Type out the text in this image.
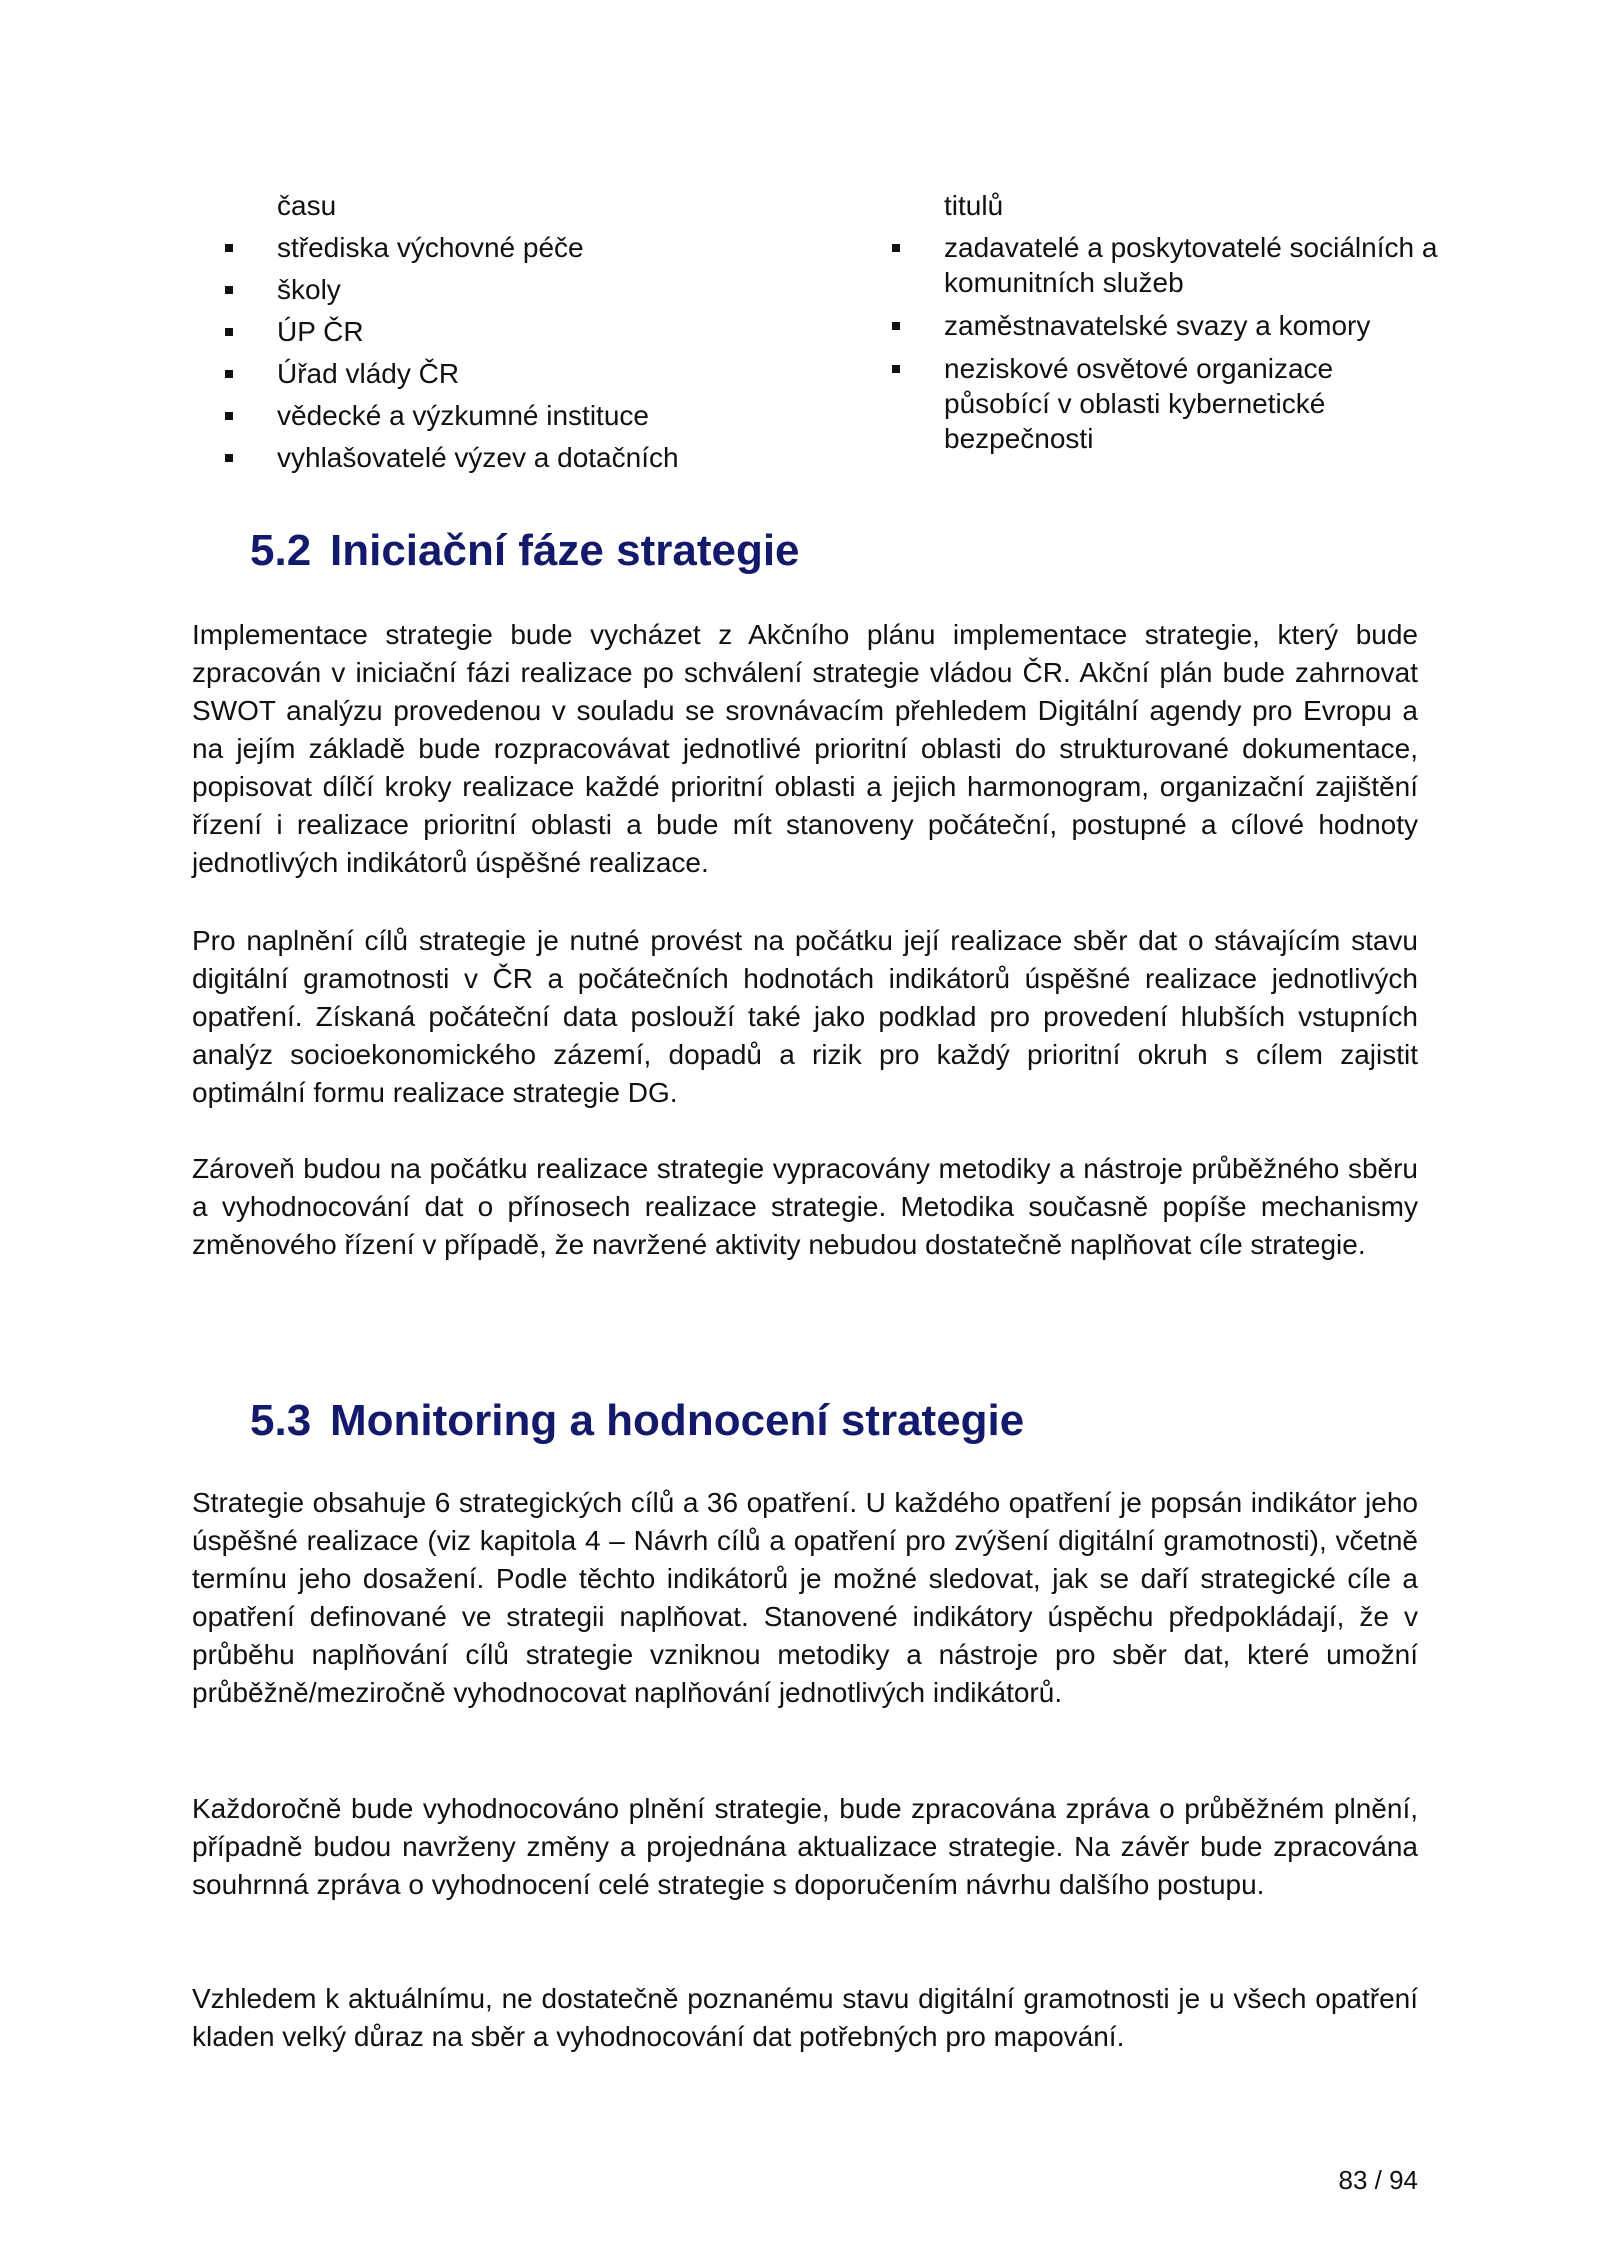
času
střediska výchovné péče
školy
ÚP ČR
Úřad vlády ČR
vědecké a výzkumné instituce
vyhlašovatelé výzev a dotačních
titulů
zadavatelé a poskytovatelé sociálních a komunitních služeb
zaměstnavatelské svazy a komory
neziskové osvětové organizace působící v oblasti kybernetické bezpečnosti
5.2 Iniciační fáze strategie

Implementace strategie bude vycházet z Akčního plánu implementace strategie, který bude zpracován v iniciační fázi realizace po schválení strategie vládou ČR. Akční plán bude zahrnovat SWOT analýzu provedenou v souladu se srovnávacím přehledem Digitální agendy pro Evropu a na jejím základě bude rozpracovávat jednotlivé prioritní oblasti do strukturované dokumentace, popisovat dílčí kroky realizace každé prioritní oblasti a jejich harmonogram, organizační zajištění řízení i realizace prioritní oblasti a bude mít stanoveny počáteční, postupné a cílové hodnoty jednotlivých indikátorů úspěšné realizace.

Pro naplnění cílů strategie je nutné provést na počátku její realizace sběr dat o stávajícím stavu digitální gramotnosti v ČR a počátečních hodnotách indikátorů úspěšné realizace jednotlivých opatření. Získaná počáteční data poslouží také jako podklad pro provedení hlubších vstupních analýz socioekonomického zázemí, dopadů a rizik pro každý prioritní okruh s cílem zajistit optimální formu realizace strategie DG.

Zároveň budou na počátku realizace strategie vypracovány metodiky a nástroje průběžného sběru a vyhodnocování dat o přínosech realizace strategie. Metodika současně popíše mechanismy změnového řízení v případě, že navržené aktivity nebudou dostatečně naplňovat cíle strategie.

5.3 Monitoring a hodnocení strategie

Strategie obsahuje 6 strategických cílů a 36 opatření. U každého opatření je popsán indikátor jeho úspěšné realizace (viz kapitola 4 – Návrh cílů a opatření pro zvýšení digitální gramotnosti), včetně termínu jeho dosažení. Podle těchto indikátorů je možné sledovat, jak se daří strategické cíle a opatření definované ve strategii naplňovat. Stanovené indikátory úspěchu předpokládají, že v průběhu naplňování cílů strategie vzniknou metodiky a nástroje pro sběr dat, které umožní průběžně/meziročně vyhodnocovat naplňování jednotlivých indikátorů.

Každoročně bude vyhodnocováno plnění strategie, bude zpracována zpráva o průběžném plnění, případně budou navrženy změny a projednána aktualizace strategie. Na závěr bude zpracována souhrnná zpráva o vyhodnocení celé strategie s doporučením návrhu dalšího postupu.

Vzhledem k aktuálnímu, ne dostatečně poznanému stavu digitální gramotnosti je u všech opatření kladen velký důraz na sběr a vyhodnocování dat potřebných pro mapování.

83 / 94
